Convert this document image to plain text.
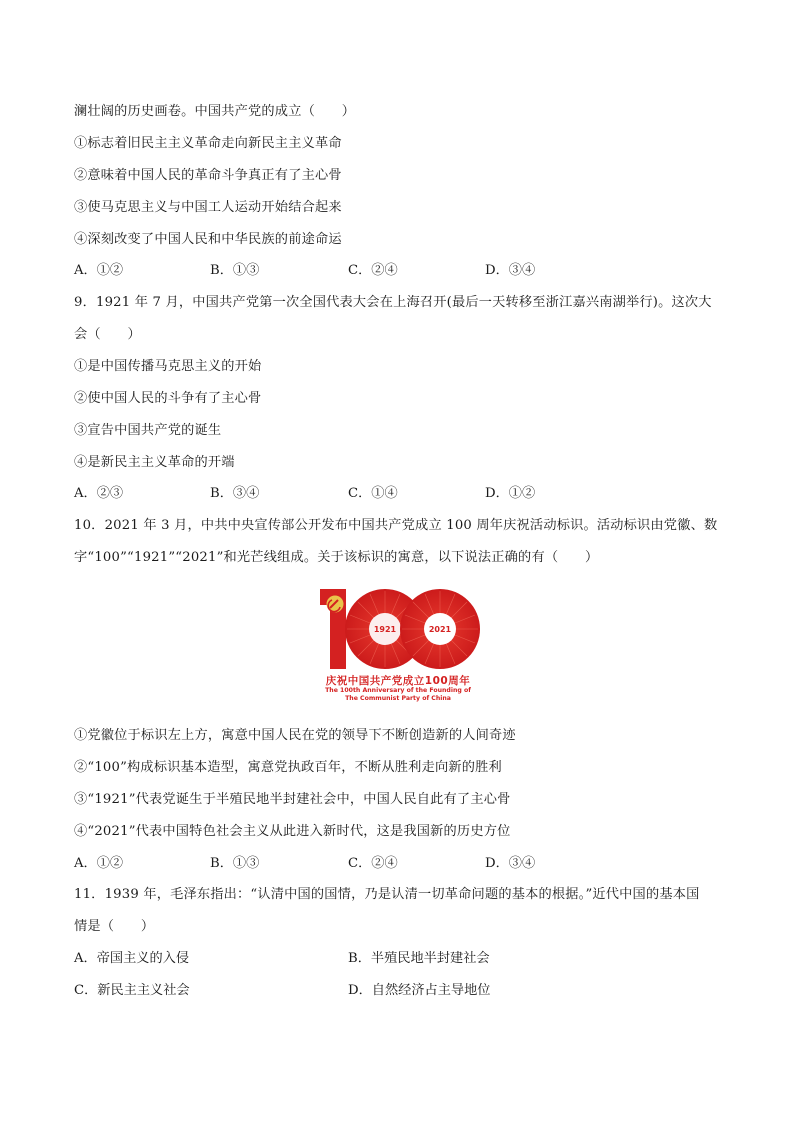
澜壮阔的历史画卷。中国共产党的成立（　　）
①标志着旧民主主义革命走向新民主主义革命
②意味着中国人民的革命斗争真正有了主心骨
③使马克思主义与中国工人运动开始结合起来
④深刻改变了中国人民和中华民族的前途命运
A．①②	B．①③	C．②④	D．③④
9．1921 年 7 月，中国共产党第一次全国代表大会在上海召开(最后一天转移至浙江嘉兴南湖举行)。这次大
会（　　）
①是中国传播马克思主义的开始
②使中国人民的斗争有了主心骨
③宣告中国共产党的诞生
④是新民主主义革命的开端
A．②③	B．③④	C．①④	D．①②
10．2021 年 3 月，中共中央宣传部公开发布中国共产党成立 100 周年庆祝活动标识。活动标识由党徽、数
字“100”“1921”“2021”和光芒线组成。关于该标识的寓意，以下说法正确的有（　　）
1921	2021
庆祝中国共产党成立100周年
The 100th Anniversary of the Founding of
The Communist Party of China
①党徽位于标识左上方，寓意中国人民在党的领导下不断创造新的人间奇迹
②“100”构成标识基本造型，寓意党执政百年，不断从胜利走向新的胜利
③“1921”代表党诞生于半殖民地半封建社会中，中国人民自此有了主心骨
④“2021”代表中国特色社会主义从此进入新时代，这是我国新的历史方位
A．①②	B．①③	C．②④	D．③④
11．1939 年，毛泽东指出：“认清中国的国情，乃是认清一切革命问题的基本的根据。”近代中国的基本国
情是（　　）
A．帝国主义的入侵	B．半殖民地半封建社会
C．新民主主义社会	D．自然经济占主导地位
